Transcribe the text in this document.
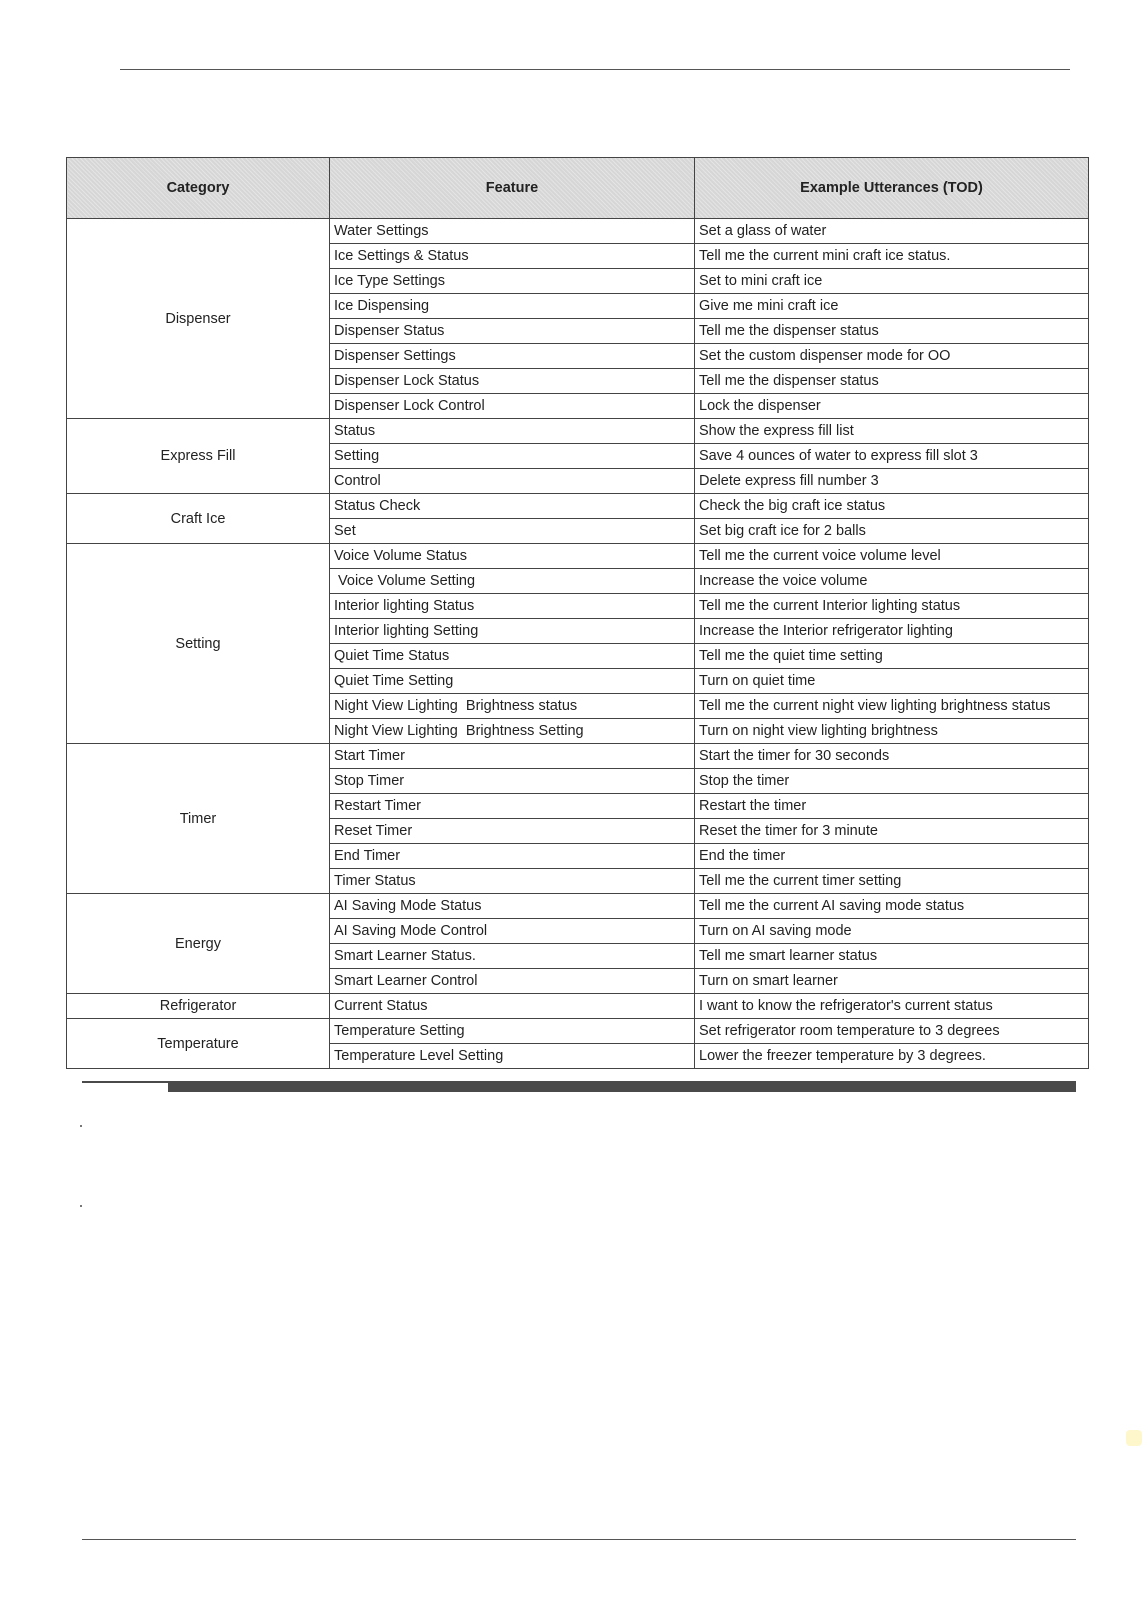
Category	Feature	Example Utterances (TOD)
Dispenser	Water Settings	Set a glass of water
	Ice Settings & Status	Tell me the current mini craft ice status.
	Ice Type Settings	Set to mini craft ice
	Ice Dispensing	Give me mini craft ice
	Dispenser Status	Tell me the dispenser status
	Dispenser Settings	Set the custom dispenser mode for OO
	Dispenser Lock Status	Tell me the dispenser status
	Dispenser Lock Control	Lock the dispenser
Express Fill	Status	Show the express fill list
	Setting	Save 4 ounces of water to express fill slot 3
	Control	Delete express fill number 3
Craft Ice	Status Check	Check the big craft ice status
	Set	Set big craft ice for 2 balls
Setting	Voice Volume Status	Tell me the current voice volume level
	Voice Volume Setting	Increase the voice volume
	Interior lighting Status	Tell me the current Interior lighting status
	Interior lighting Setting	Increase the Interior refrigerator lighting
	Quiet Time Status	Tell me the quiet time setting
	Quiet Time Setting	Turn on quiet time
	Night View Lighting  Brightness status	Tell me the current night view lighting brightness status
	Night View Lighting  Brightness Setting	Turn on night view lighting brightness
Timer	Start Timer	Start the timer for 30 seconds
	Stop Timer	Stop the timer
	Restart Timer	Restart the timer
	Reset Timer	Reset the timer for 3 minute
	End Timer	End the timer
	Timer Status	Tell me the current timer setting
Energy	AI Saving Mode Status	Tell me the current AI saving mode status
	AI Saving Mode Control	Turn on AI saving mode
	Smart Learner Status.	Tell me smart learner status
	Smart Learner Control	Turn on smart learner
Refrigerator	Current Status	I want to know the refrigerator's current status
Temperature	Temperature Setting	Set refrigerator room temperature to 3 degrees
	Temperature Level Setting	Lower the freezer temperature by 3 degrees.
